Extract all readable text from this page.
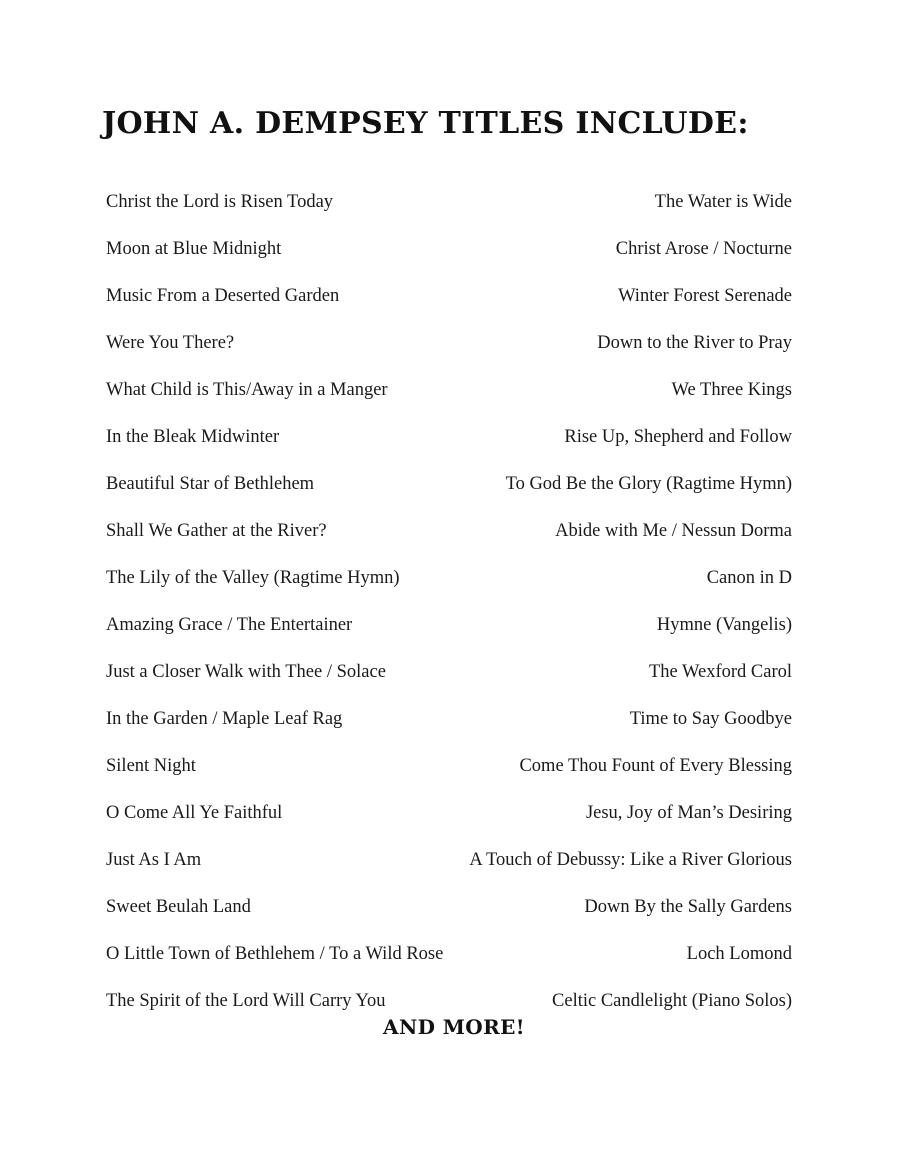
JOHN A. DEMPSEY TITLES INCLUDE:
Christ the Lord is Risen Today	The Water is Wide
Moon at Blue Midnight	Christ Arose / Nocturne
Music From a Deserted Garden	Winter Forest Serenade
Were You There?	Down to the River to Pray
What Child is This/Away in a Manger	We Three Kings
In the Bleak Midwinter	Rise Up, Shepherd and Follow
Beautiful Star of Bethlehem	To God Be the Glory (Ragtime Hymn)
Shall We Gather at the River?	Abide with Me / Nessun Dorma
The Lily of the Valley (Ragtime Hymn)	Canon in D
Amazing Grace / The Entertainer	Hymne (Vangelis)
Just a Closer Walk with Thee / Solace	The Wexford Carol
In the Garden / Maple Leaf Rag	Time to Say Goodbye
Silent Night	Come Thou Fount of Every Blessing
O Come All Ye Faithful	Jesu, Joy of Man’s Desiring
Just As I Am	A Touch of Debussy: Like a River Glorious
Sweet Beulah Land	Down By the Sally Gardens
O Little Town of Bethlehem / To a Wild Rose	Loch Lomond
The Spirit of the Lord Will Carry You	Celtic Candlelight (Piano Solos)
AND MORE!
